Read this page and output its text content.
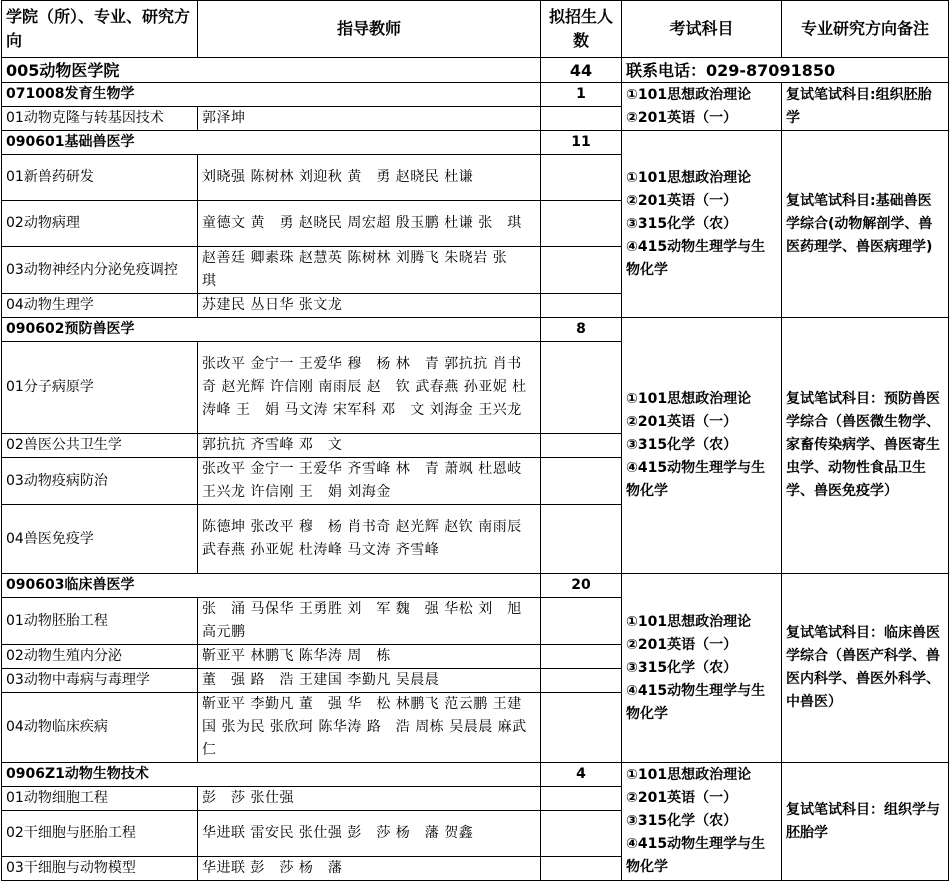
学院（所）、专业、研究方向	指导教师	拟招生人数	考试科目	专业研究方向备注
005动物医学院		44	联系电话：029-87091850	
071008发育生物学		1	①101思想政治理论
②201英语（一）	复试笔试科目:组织胚胎学
01动物克隆与转基因技术	郭泽坤			
090601基础兽医学		11	①101思想政治理论
②201英语（一）
③315化学（农）
④415动物生理学与生物化学	复试笔试科目:基础兽医学综合(动物解剖学、兽医药理学、兽医病理学)
01新兽药研发	刘晓强 陈树林 刘迎秋 黄　勇 赵晓民 杜谦			
02动物病理	童德文 黄　勇 赵晓民 周宏超 殷玉鹏 杜谦 张　琪			
03动物神经内分泌免疫调控	赵善廷 卿素珠 赵慧英 陈树林 刘腾飞 朱晓岩 张　琪			
04动物生理学	苏建民 丛日华 张文龙			
090602预防兽医学		8	①101思想政治理论
②201英语（一）
③315化学（农）
④415动物生理学与生物化学	复试笔试科目：预防兽医学综合（兽医微生物学、家畜传染病学、兽医寄生虫学、动物性食品卫生学、兽医免疫学）
01分子病原学	张改平 金宁一 王爱华 穆　杨 林　青 郭抗抗 肖书奇 赵光辉 许信刚 南雨辰 赵　钦 武春燕 孙亚妮 杜涛峰 王　娟 马文涛 宋军科 邓　文 刘海金 王兴龙			
02兽医公共卫生学	郭抗抗 齐雪峰 邓　文			
03动物疫病防治	张改平 金宁一 王爱华 齐雪峰 林　青 萧飒 杜恩岐 王兴龙 许信刚 王　娟 刘海金			
04兽医免疫学	陈德坤 张改平 穆　杨 肖书奇 赵光辉 赵钦 南雨辰 武春燕 孙亚妮 杜涛峰 马文涛 齐雪峰			
090603临床兽医学		20	①101思想政治理论
②201英语（一）
③315化学（农）
④415动物生理学与生物化学	复试笔试科目：临床兽医学综合（兽医产科学、兽医内科学、兽医外科学、中兽医）
01动物胚胎工程	张　涌 马保华 王勇胜 刘　军 魏　强 华松 刘　旭 高元鹏			
02动物生殖内分泌	靳亚平 林鹏飞 陈华涛 周　栋			
03动物中毒病与毒理学	董　强 路　浩 王建国 李勤凡 吴晨晨			
04动物临床疾病	靳亚平 李勤凡 董　强 华　松 林鹏飞 范云鹏 王建国 张为民 张欣珂 陈华涛 路　浩 周栋 吴晨晨 麻武仁			
0906Z1动物生物技术		4	①101思想政治理论
②201英语（一）
③315化学（农）
④415动物生理学与生物化学	复试笔试科目：组织学与胚胎学
01动物细胞工程	彭　莎 张仕强			
02干细胞与胚胎工程	华进联 雷安民 张仕强 彭　莎 杨　藩 贺鑫			
03干细胞与动物模型	华进联 彭　莎 杨　藩			
